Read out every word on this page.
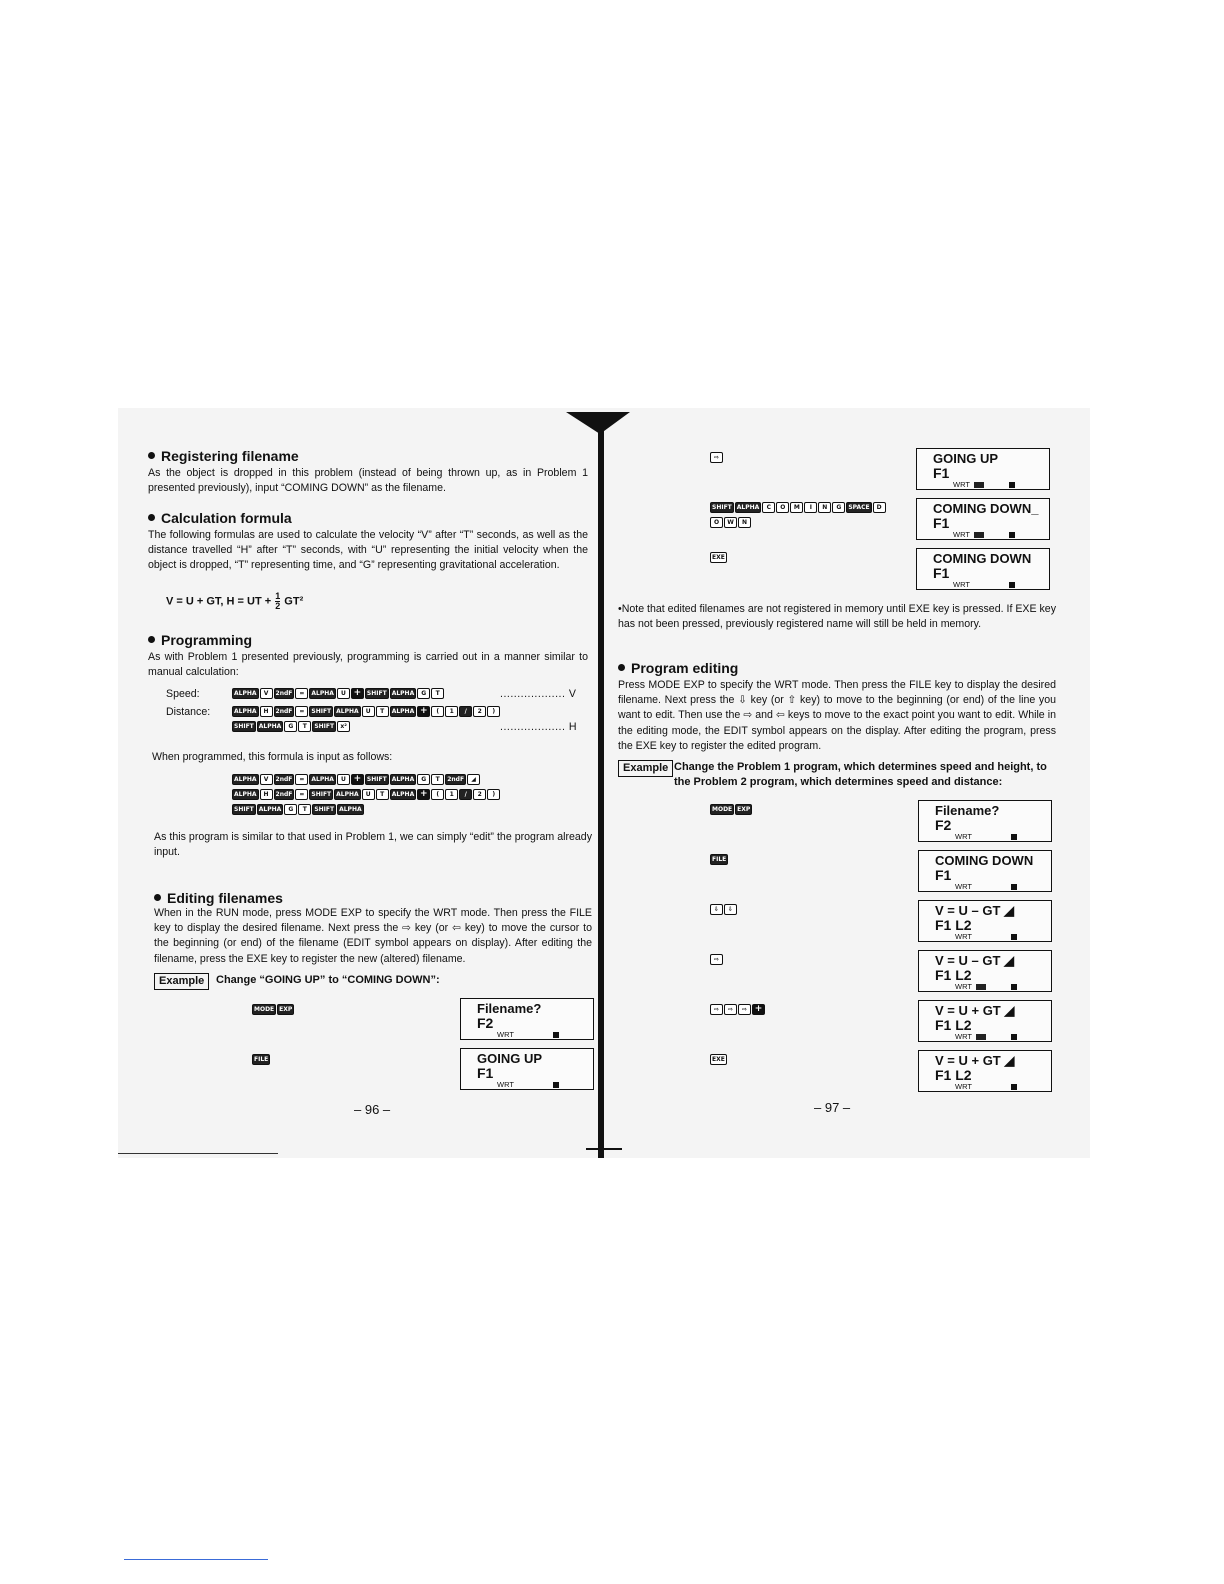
Registering filename
As the object is dropped in this problem (instead of being thrown up, as in Problem 1 presented previously), input “COMING DOWN” as the filename.
Calculation formula
The following formulas are used to calculate the velocity “V” after “T” seconds, as well as the distance travelled “H” after “T” seconds, with “U” representing the initial velocity when the object is dropped, “T” representing time, and “G” representing gravitational acceleration.
V = U + GT, H = UT + $\frac{1}{2} GT^2$
Programming
As with Problem 1 presented previously, programming is carried out in a manner similar to manual calculation:
Speed:	ALPHA	V	2ndF	=	ALPHA	U + SHIFT ALPHA	G	T	................... V
Distance:	ALPHA	H	2ndF	=	SHIFT ALPHA	U	T	ALPHA +	(	1	/	2	)
SHIFT ALPHA	G	T	SHIFT	x²	................... H
When programmed, this formula is input as follows:
ALPHA	V	2ndF	=	ALPHA	U + SHIFT ALPHA	G	T	2ndF	◢
ALPHA	H	2ndF	=	SHIFT ALPHA	U	T	ALPHA +	(	1	/	2	)
SHIFT ALPHA	G	T	SHIFT ALPHA
As this program is similar to that used in Problem 1, we can simply “edit” the program already input.
Editing filenames
When in the RUN mode, press MODE EXP to specify the WRT mode. Then press the FILE key to display the desired filename. Next press the ⇨ key (or ⇦ key) to move the cursor to the beginning (or end) of the filename (EDIT symbol appears on display). After editing the filename, press the EXE key to register the new (altered) filename.
Example	Change “GOING UP” to “COMING DOWN”:
MODE EXP	Filename?
F2
WRT
FILE	GOING UP
F1
WRT
– 96 –
⇨	GOING UP
F1
WRT
SHIFT ALPHA	C	O	M	I	N	G	SPACE	D
O	W	N
COMING DOWN_
F1
WRT
EXE	COMING DOWN
F1
WRT
•Note that edited filenames are not registered in memory until EXE key is pressed. If EXE key has not been pressed, previously registered name will still be held in memory.
Program editing
Press MODE EXP to specify the WRT mode. Then press the FILE key to display the desired filename. Next press the ⇩ key (or ⇧ key) to move to the beginning (or end) of the line you want to edit. Then use the ⇨ and ⇦ keys to move to the exact point you want to edit. While in the editing mode, the EDIT symbol appears on the display. After editing the program, press the EXE key to register the edited program.
Example Change the Problem 1 program, which determines speed and height, to the Problem 2 program, which determines speed and distance:
MODE EXP	Filename?
F2
WRT
FILE	COMING DOWN
F1
WRT
⇩	⇩	V = U – GT ◢
F1 L2
WRT
⇨	V = U – GT ◢
F1 L2
WRT
⇨	⇨	⇨ +	V = U + GT ◢
F1 L2
WRT
EXE	V = U + GT ◢
F1 L2
WRT
– 97 –
